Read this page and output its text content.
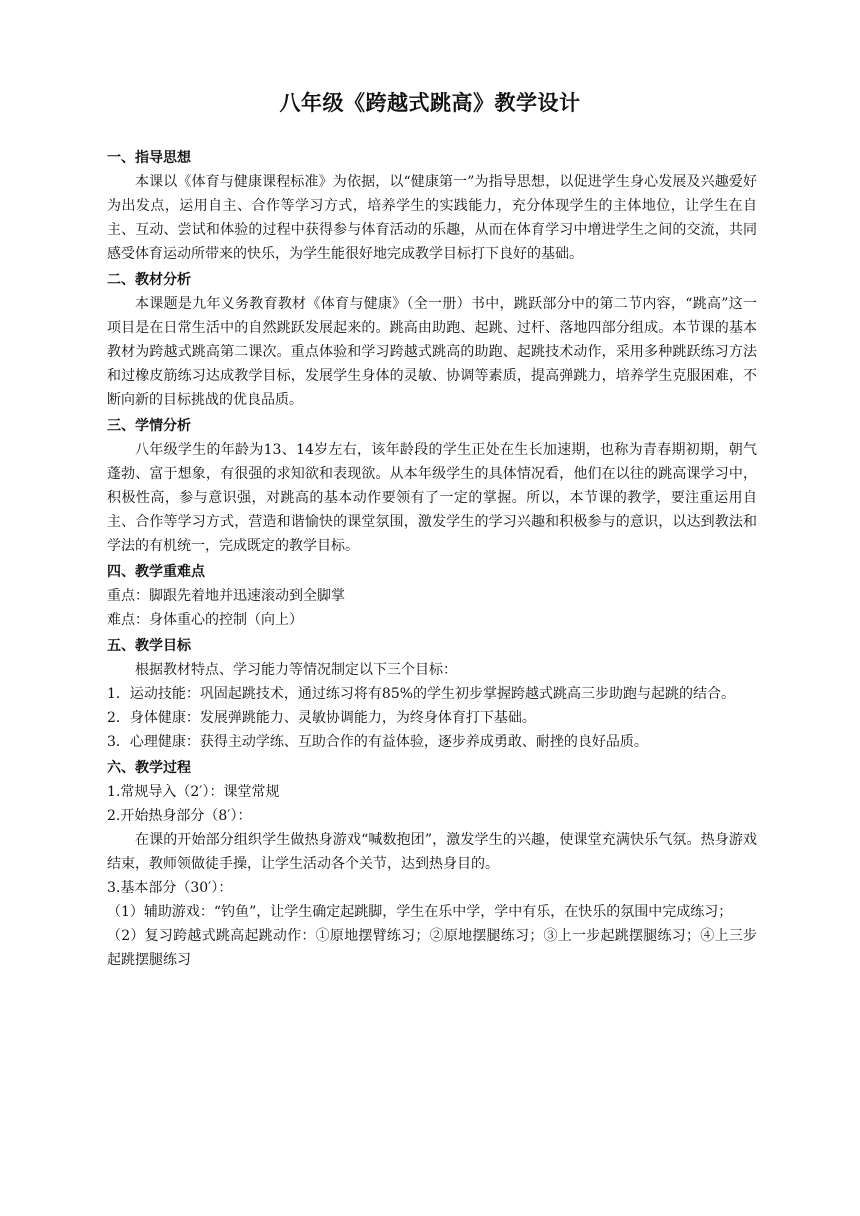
八年级《跨越式跳高》教学设计
一、指导思想
本课以《体育与健康课程标准》为依据，以“健康第一”为指导思想，以促进学生身心发展及兴趣爱好为出发点，运用自主、合作等学习方式，培养学生的实践能力，充分体现学生的主体地位，让学生在自主、互动、尝试和体验的过程中获得参与体育活动的乐趣，从而在体育学习中增进学生之间的交流，共同感受体育运动所带来的快乐，为学生能很好地完成教学目标打下良好的基础。
二、教材分析
本课题是九年义务教育教材《体育与健康》（全一册）书中，跳跃部分中的第二节内容，“跳高”这一项目是在日常生活中的自然跳跃发展起来的。跳高由助跑、起跳、过杆、落地四部分组成。本节课的基本教材为跨越式跳高第二课次。重点体验和学习跨越式跳高的助跑、起跳技术动作，采用多种跳跃练习方法和过橡皮筋练习达成教学目标，发展学生身体的灵敏、协调等素质，提高弹跳力，培养学生克服困难，不断向新的目标挑战的优良品质。
三、学情分析
八年级学生的年龄为13、14岁左右，该年龄段的学生正处在生长加速期，也称为青春期初期，朝气蓬勃、富于想象，有很强的求知欲和表现欲。从本年级学生的具体情况看，他们在以往的跳高课学习中，积极性高，参与意识强，对跳高的基本动作要领有了一定的掌握。所以，本节课的教学，要注重运用自主、合作等学习方式，营造和谐愉快的课堂氛围，激发学生的学习兴趣和积极参与的意识，以达到教法和学法的有机统一，完成既定的教学目标。
四、教学重难点
重点：脚跟先着地并迅速滚动到全脚掌
难点：身体重心的控制（向上）
五、教学目标
根据教材特点、学习能力等情况制定以下三个目标：
1．运动技能：巩固起跳技术，通过练习将有85%的学生初步掌握跨越式跳高三步助跑与起跳的结合。
2．身体健康：发展弹跳能力、灵敏协调能力，为终身体育打下基础。
3．心理健康：获得主动学练、互助合作的有益体验，逐步养成勇敢、耐挫的良好品质。
六、教学过程
1.常规导入（2′）：课堂常规
2.开始热身部分（8′）：
在课的开始部分组织学生做热身游戏“喊数抱团”，激发学生的兴趣，使课堂充满快乐气氛。热身游戏结束，教师领做徒手操，让学生活动各个关节，达到热身目的。
3.基本部分（30′）：
（1）辅助游戏：“钓鱼”，让学生确定起跳脚，学生在乐中学，学中有乐，在快乐的氛围中完成练习；
（2）复习跨越式跳高起跳动作：①原地摆臂练习；②原地摆腿练习；③上一步起跳摆腿练习；④上三步起跳摆腿练习
